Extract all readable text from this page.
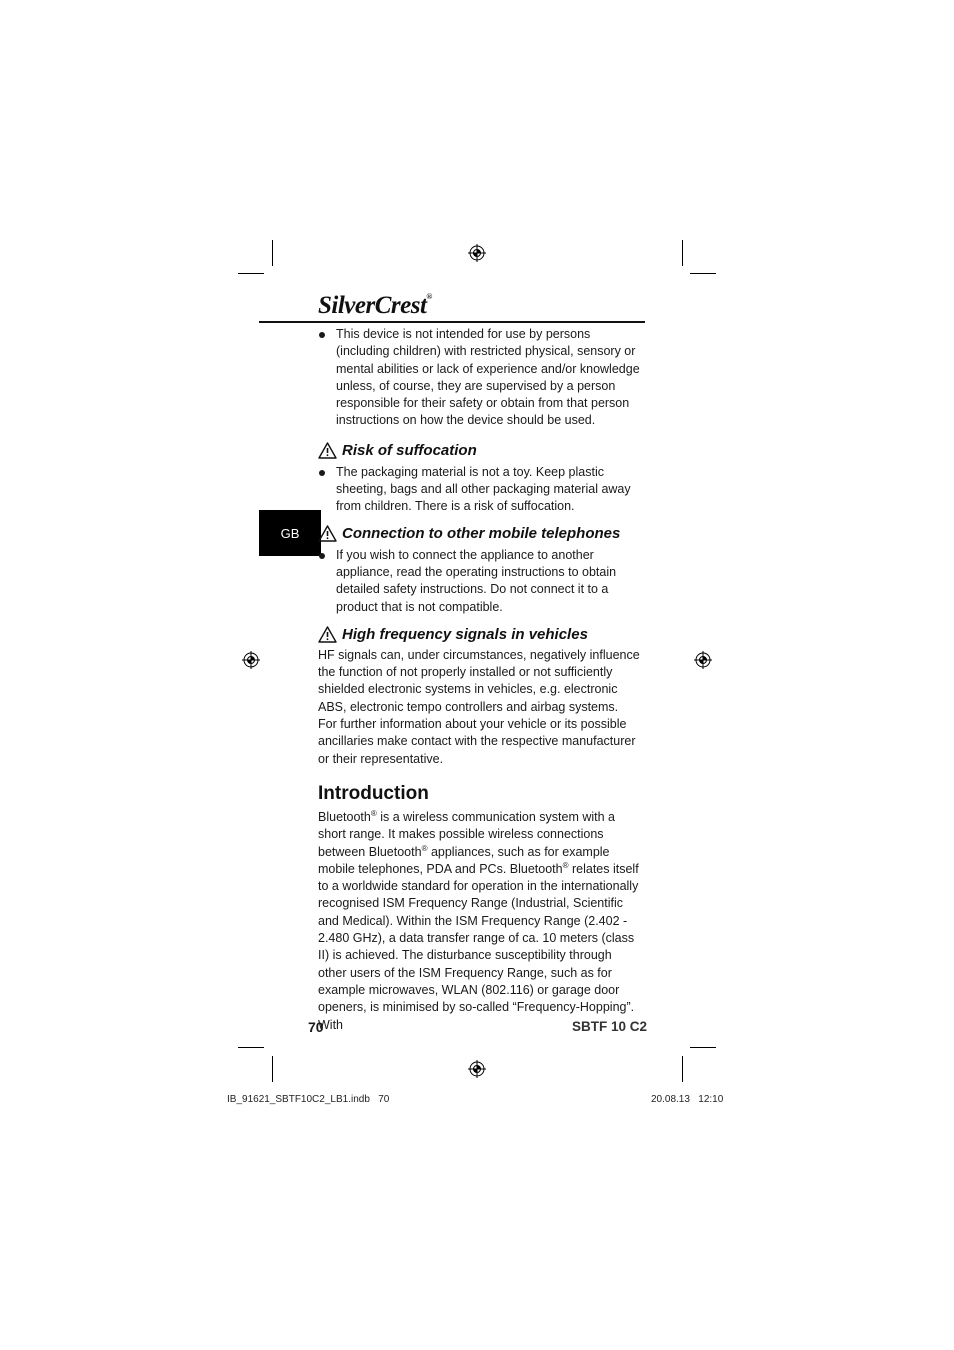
SilverCrest®
GB
This device is not intended for use by persons (including children) with restricted physical, sensory or mental abilities or lack of experience and/or knowledge unless, of course, they are supervised by a person responsible for their safety or obtain from that person instructions on how the device should be used.
Risk of suffocation
The packaging material is not a toy. Keep plastic sheeting, bags and all other packaging material away from children. There is a risk of suffocation.
Connection to other mobile telephones
If you wish to connect the appliance to another appliance, read the operating instructions to obtain detailed safety instructions. Do not connect it to a product that is not compatible.
High frequency signals in vehicles
HF signals can, under circumstances, negatively influence the function of not properly installed or not sufficiently shielded electronic systems in vehicles, e.g. electronic ABS, electronic tempo controllers and airbag systems. For further information about your vehicle or its possible ancillaries make contact with the respective manufacturer or their representative.
Introduction
Bluetooth® is a wireless communication system with a short range. It makes possible wireless connections between Bluetooth® appliances, such as for example mobile telephones, PDA and PCs. Bluetooth® relates itself to a worldwide standard for operation in the internationally recognised ISM Frequency Range (Industrial, Scientific and Medical). Within the ISM Frequency Range (2.402 - 2.480 GHz), a data transfer range of ca. 10 meters (class II) is achieved. The disturbance susceptibility through other users of the ISM Frequency Range, such as for example microwaves, WLAN (802.116) or garage door openers, is minimised by so-called “Frequency-Hopping”. With
70	SBTF 10 C2
IB_91621_SBTF10C2_LB1.indb   70	20.08.13   12:10
